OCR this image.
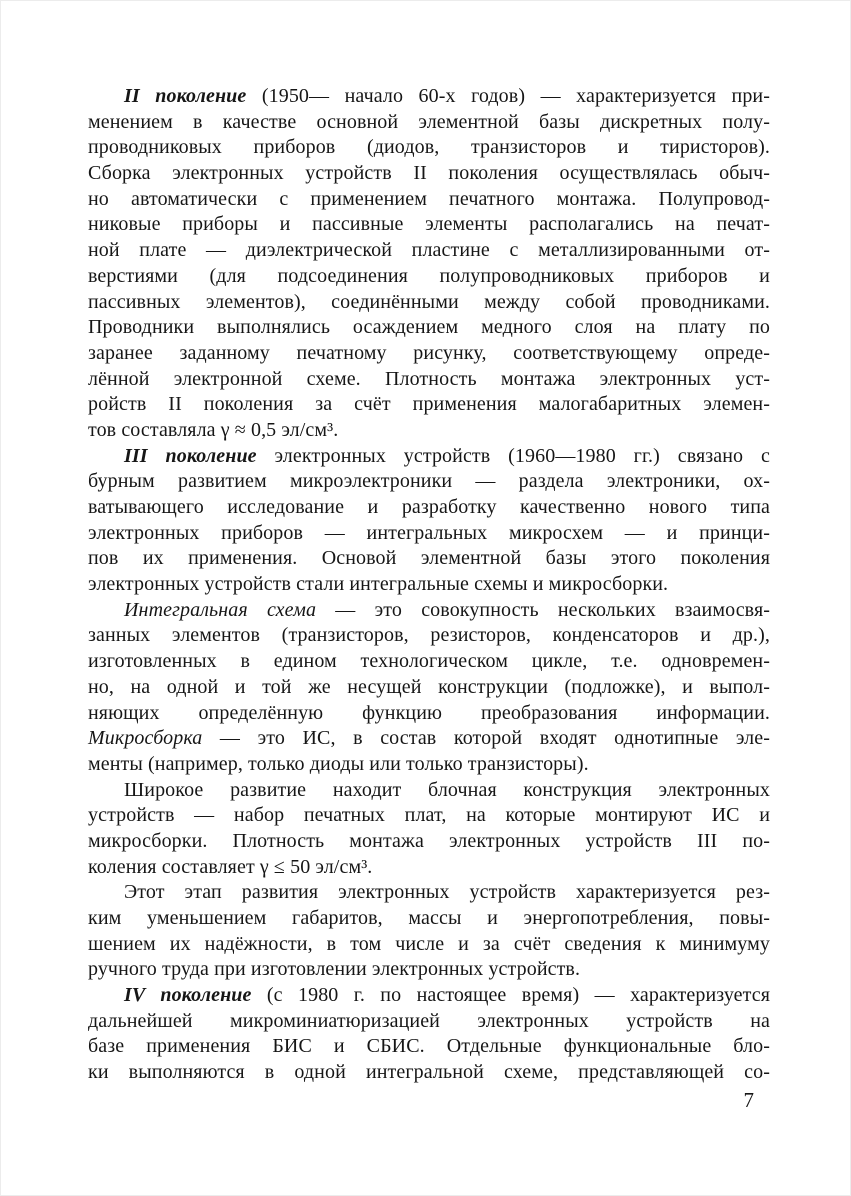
II поколение (1950— начало 60-х годов) — характеризуется при-
менением в качестве основной элементной базы дискретных полу-
проводниковых приборов (диодов, транзисторов и тиристоров).
Сборка электронных устройств II поколения осуществлялась обыч-
но автоматически с применением печатного монтажа. Полупровод-
никовые приборы и пассивные элементы располагались на печат-
ной плате — диэлектрической пластине с металлизированными от-
верстиями (для подсоединения полупроводниковых приборов и
пассивных элементов), соединёнными между собой проводниками.
Проводники выполнялись осаждением медного слоя на плату по
заранее заданному печатному рисунку, соответствующему опреде-
лённой электронной схеме. Плотность монтажа электронных уст-
ройств II поколения за счёт применения малогабаритных элемен-
тов составляла γ ≈ 0,5 эл/см³.
III поколение электронных устройств (1960—1980 гг.) связано с
бурным развитием микроэлектроники — раздела электроники, ох-
ватывающего исследование и разработку качественно нового типа
электронных приборов — интегральных микросхем — и принци-
пов их применения. Основой элементной базы этого поколения
электронных устройств стали интегральные схемы и микросборки.
Интегральная схема — это совокупность нескольких взаимосвя-
занных элементов (транзисторов, резисторов, конденсаторов и др.),
изготовленных в едином технологическом цикле, т.е. одновремен-
но, на одной и той же несущей конструкции (подложке), и выпол-
няющих определённую функцию преобразования информации.
Микросборка — это ИС, в состав которой входят однотипные эле-
менты (например, только диоды или только транзисторы).
Широкое развитие находит блочная конструкция электронных
устройств — набор печатных плат, на которые монтируют ИС и
микросборки. Плотность монтажа электронных устройств III по-
коления составляет γ ≤ 50 эл/см³.
Этот этап развития электронных устройств характеризуется рез-
ким уменьшением габаритов, массы и энергопотребления, повы-
шением их надёжности, в том числе и за счёт сведения к минимуму
ручного труда при изготовлении электронных устройств.
IV поколение (с 1980 г. по настоящее время) — характеризуется
дальнейшей микроминиатюризацией электронных устройств на
базе применения БИС и СБИС. Отдельные функциональные бло-
ки выполняются в одной интегральной схеме, представляющей со-
7
